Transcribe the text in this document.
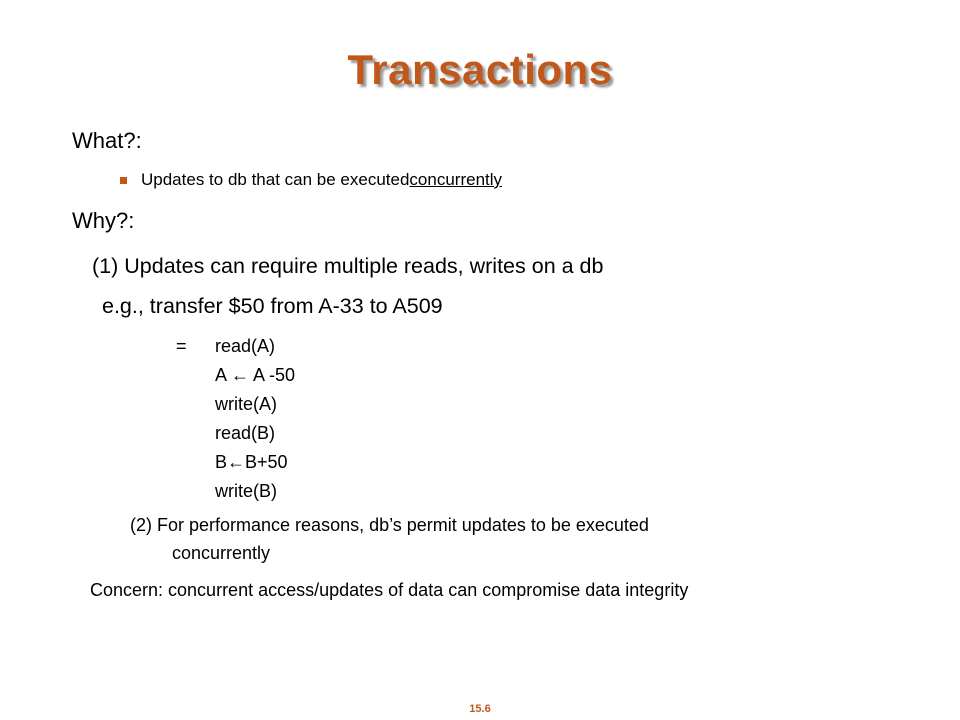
Transactions
What?:
Updates to db that can be executed concurrently
Why?:
(1) Updates can require multiple reads, writes on a db
e.g., transfer $50 from A-33 to A509
= read(A)
A ← A -50
write(A)
read(B)
B←B+50
write(B)
(2) For performance reasons, db’s permit updates to be executed
concurrently
Concern: concurrent access/updates of data can compromise data integrity
15.6
